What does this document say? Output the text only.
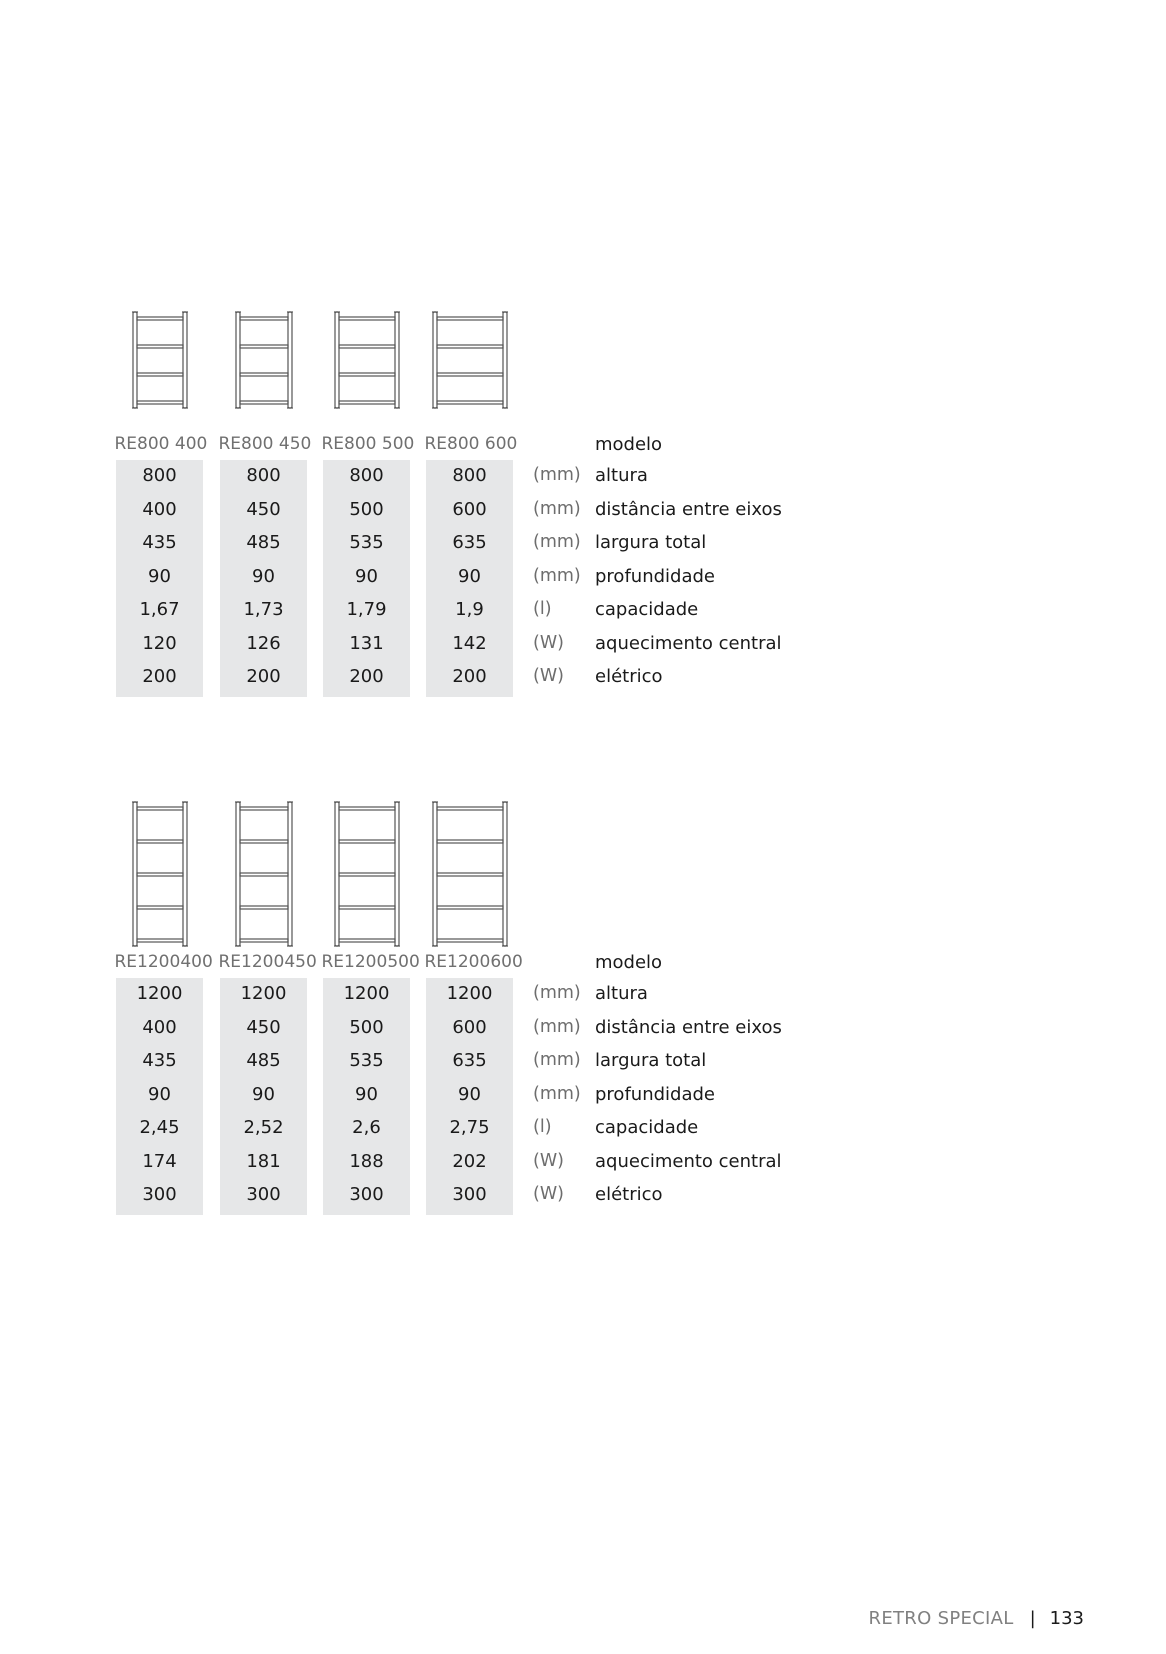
RE800 400 RE800 450 RE800 500 RE800 600	modelo
800	800	800	800	(mm) altura
400	450	500	600	(mm) distância entre eixos
435	485	535	635	(mm) largura total
90	90	90	90	(mm) profundidade
1,67	1,73	1,79	1,9	(l) capacidade
120	126	131	142	(W) aquecimento central
200	200	200	200	(W) elétrico
RE1200400 RE1200450 RE1200500 RE1200600	modelo
1200	1200	1200	1200	(mm) altura
400	450	500	600	(mm) distância entre eixos
435	485	535	635	(mm) largura total
90	90	90	90	(mm) profundidade
2,45	2,52	2,6	2,75	(l) capacidade
174	181	188	202	(W) aquecimento central
300	300	300	300	(W) elétrico
RETRO SPECIAL | 133
